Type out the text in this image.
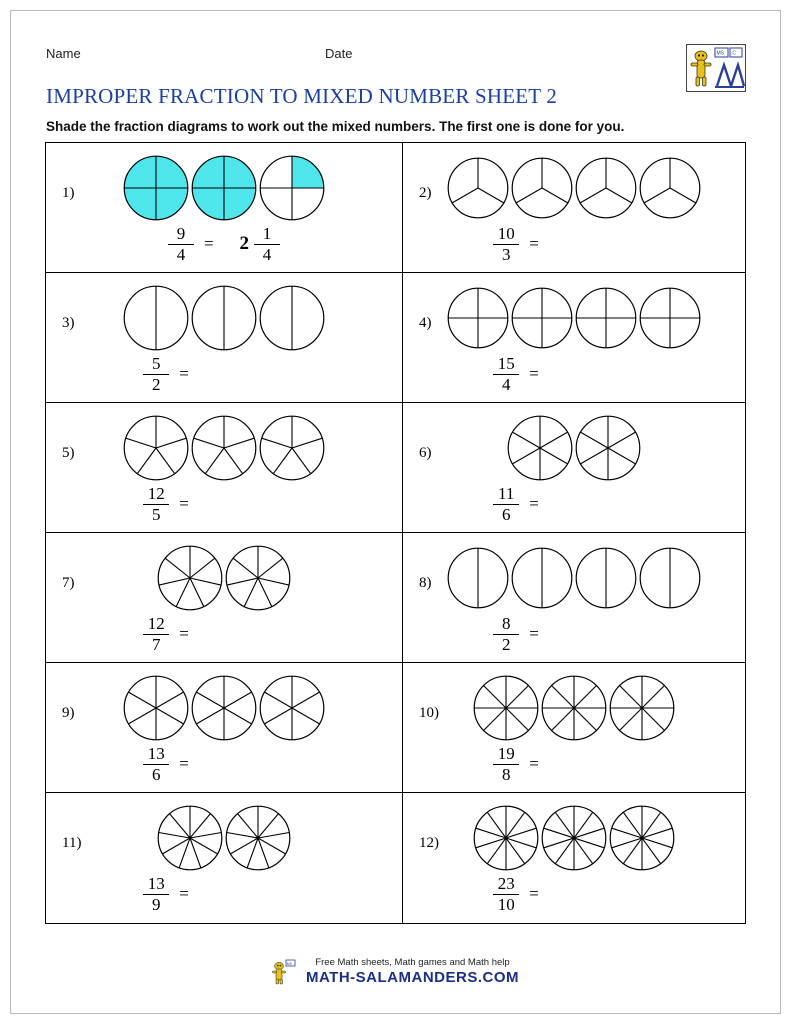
Name	Date	MS .C
IMPROPER FRACTION TO MIXED NUMBER SHEET 2
Shade the fraction diagrams to work out the mixed numbers. The first one is done for you.
1)
$\frac{9}{4} = 2 \frac{1}{4}$
2)
$\frac{10}{3}$ =
3)
$\frac{5}{2}$ =
4)
$\frac{15}{4}$ =
5)
$\frac{12}{5}$ =
6)
$\frac{11}{6}$ =
7)
$\frac{12}{7}$ =
8)
$\frac{8}{2}$ =
9)
$\frac{13}{6}$ =
10)
$\frac{19}{8}$ =
11)
$\frac{13}{9}$ =
12)
$\frac{23}{10}$ =
MS	Free Math sheets, Math games and Math help
MATH-SALAMANDERS.COM
